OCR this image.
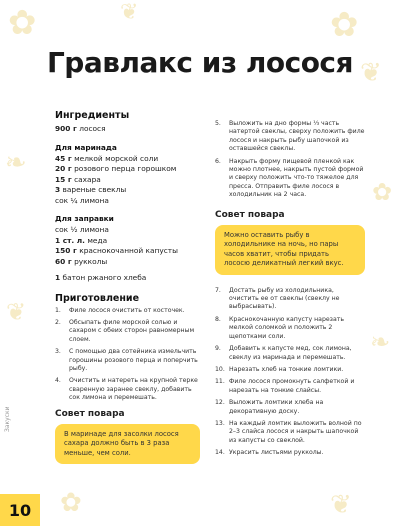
✿	❦	✿
❦
❧
✿
❦
❧
✿	❦
Гравлакс из лосося
Ингредиенты
900 г лосося
Для маринада
45 г мелкой морской соли
20 г розового перца горошком
15 г сахара
3 вареные свеклы
сок ¼ лимона
Для заправки
сок ½ лимона
1 ст. л. меда
150 г краснокочанной капусты
60 г рукколы
1 батон ржаного хлеба
Приготовление
1. Филе лосося очистить от косточек.
2. Обсыпать филе морской солью и сахаром с обеих сторон равномерным слоем.
3. С помощью два сотейника измельчить горошины розового перца и поперчить рыбу.
4. Очистить и натереть на крупной терке сваренную заранее свеклу, добавить сок лимона и перемешать.
Совет повара
В маринаде для засолки лосося сахара должно быть в 3 раза меньше, чем соли.
5. Выложить на дно формы ⅓ часть натертой свеклы, сверху положить филе лосося и накрыть рыбу шапочкой из оставшейся свеклы.
6. Накрыть форму пищевой пленкой как можно плотнее, накрыть пустой формой и сверху положить что-то тяжелое для пресса. Отправить филе лосося в холодильник на 2 часа.
Совет повара
Можно оставить рыбу в холодильнике на ночь, но пары часов хватит, чтобы придать лососю деликатный легкий вкус.
7. Достать рыбу из холодильника, очистить ее от свеклы (свеклу не выбрасывать).
8. Краснокочанную капусту нарезать мелкой соломкой и положить 2 щепотками соли.
9. Добавить к капусте мед, сок лимона, свеклу из маринада и перемешать.
10. Нарезать хлеб на тонкие ломтики.
11. Филе лосося промокнуть салфеткой и нарезать на тонкие слайсы.
12. Выложить ломтики хлеба на декоративную доску.
13. На каждый ломтик выложить волной по 2–3 слайса лосося и накрыть шапочкой из капусты со свеклой.
14. Украсить листьями рукколы.
Закуски
10
